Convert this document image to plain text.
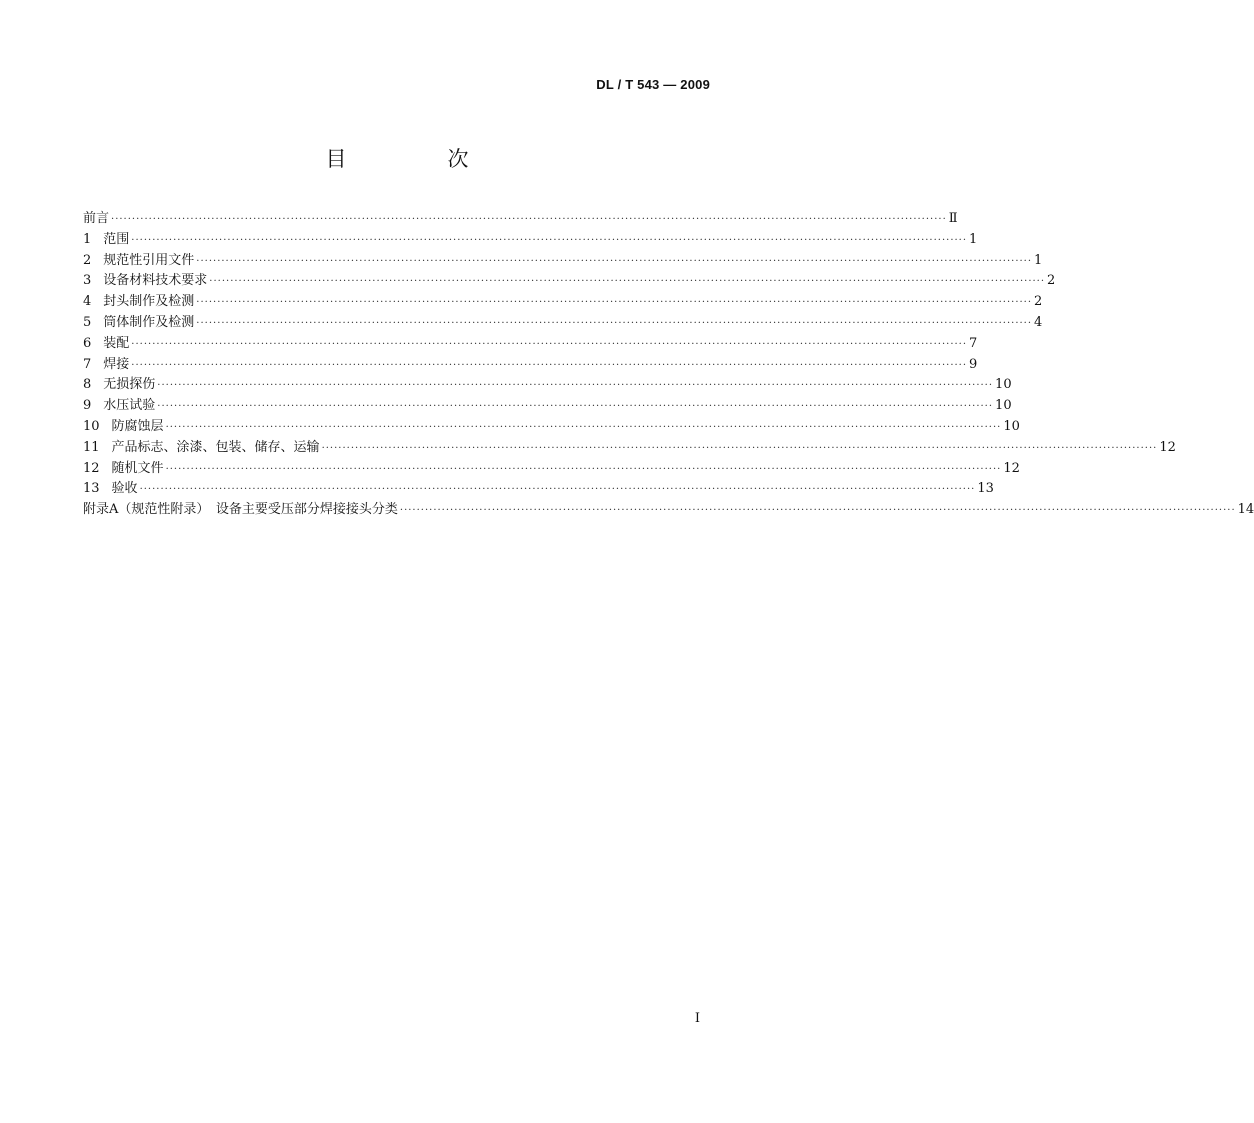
DL / T 543 — 2009
目　次
前言 ········································································································································································································ Ⅱ
1 范围 ········································································································································································································ 1
2 规范性引用文件 ········································································································································································································ 1
3 设备材料技术要求 ········································································································································································································ 2
4 封头制作及检测 ········································································································································································································ 2
5 筒体制作及检测 ········································································································································································································ 4
6 装配 ········································································································································································································ 7
7 焊接 ········································································································································································································ 9
8 无损探伤 ········································································································································································································ 10
9 水压试验 ········································································································································································································ 10
10 防腐蚀层 ········································································································································································································ 10
11 产品标志、涂漆、包装、储存、运输 ········································································································································································································ 12
12 随机文件 ········································································································································································································ 12
13 验收 ········································································································································································································ 13
附录A（规范性附录）　设备主要受压部分焊接接头分类 ········································································································································································································ 14
I
